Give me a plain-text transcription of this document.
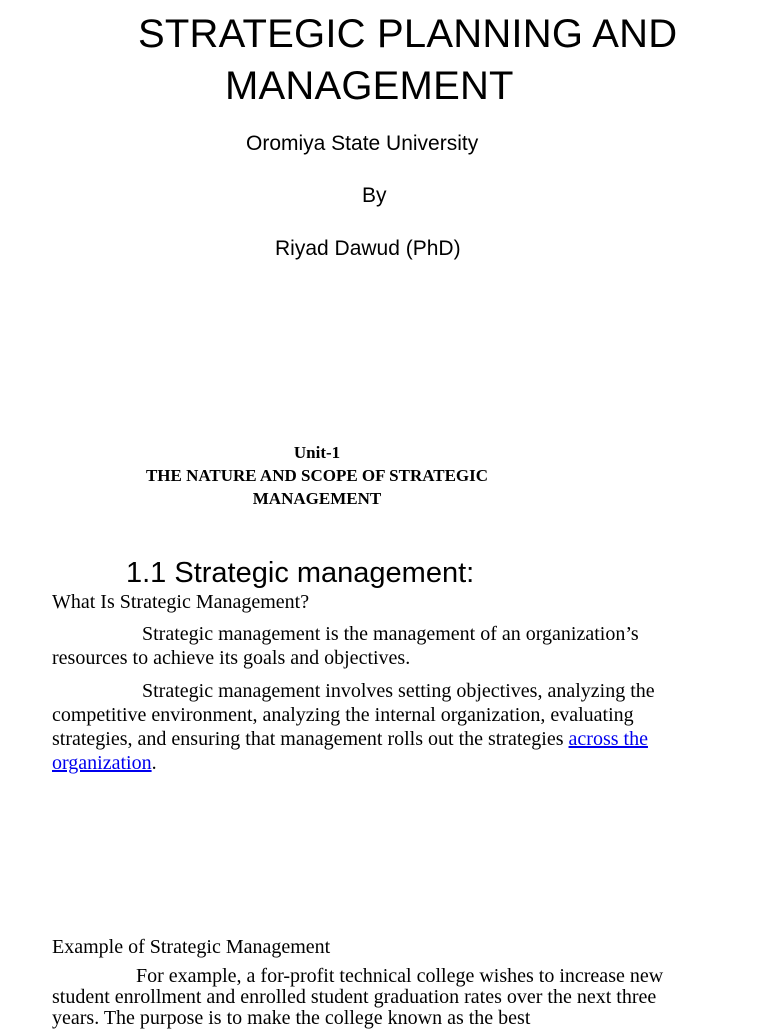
STRATEGIC PLANNING AND
MANAGEMENT
Oromiya State University
By
Riyad Dawud (PhD)
Unit-1
THE NATURE AND SCOPE OF STRATEGIC
MANAGEMENT
1.1 Strategic management:
What Is Strategic Management?
Strategic management is the management of an organization’s resources to achieve its goals and objectives.
Strategic management involves setting objectives, analyzing the competitive environment, analyzing the internal organization, evaluating strategies, and ensuring that management rolls out the strategies across the organization.
Example of Strategic Management
For example, a for-profit technical college wishes to increase new student enrollment and enrolled student graduation rates over the next three years. The purpose is to make the college known as the best
